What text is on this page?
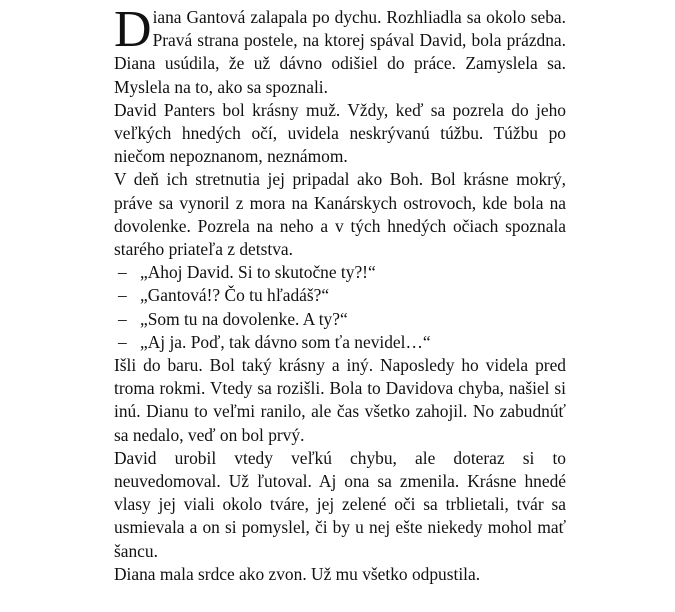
Diana Gantová zalapala po dychu. Rozhliadla sa okolo seba. Pravá strana postele, na ktorej spával David, bola prázdna. Diana usúdila, že už dávno odišiel do práce. Zamyslela sa. Myslela na to, ako sa spoznali.

David Panters bol krásny muž. Vždy, keď sa pozrela do jeho veľkých hnedých očí, uvidela neskrývanú túžbu. Túžbu po niečom nepoznanom, neznámom.

V deň ich stretnutia jej pripadal ako Boh. Bol krásne mokrý, práve sa vynoril z mora na Kanárskych ostrovoch, kde bola na dovolenke. Pozrela na neho a v tých hnedých očiach spoznala starého priateľa z detstva.

– „Ahoj David. Si to skutočne ty?!“
– „Gantová!? Čo tu hľadáš?“
– „Som tu na dovolenke. A ty?“
– „Aj ja. Poď, tak dávno som ťa nevidel…“

Išli do baru. Bol taký krásny a iný. Naposledy ho videla pred troma rokmi. Vtedy sa rozišli. Bola to Davidova chyba, našiel si inú. Dianu to veľmi ranilo, ale čas všetko zahojil. No zabudnúť sa nedalo, veď on bol prvý.

David urobil vtedy veľkú chybu, ale doteraz si to neuvedomoval. Už ľutoval. Aj ona sa zmenila. Krásne hnedé vlasy jej viali okolo tváre, jej zelené oči sa trblietali, tvár sa usmievala a on si pomyslel, či by u nej ešte niekedy mohol mať šancu.

Diana mala srdce ako zvon. Už mu všetko odpustila.
